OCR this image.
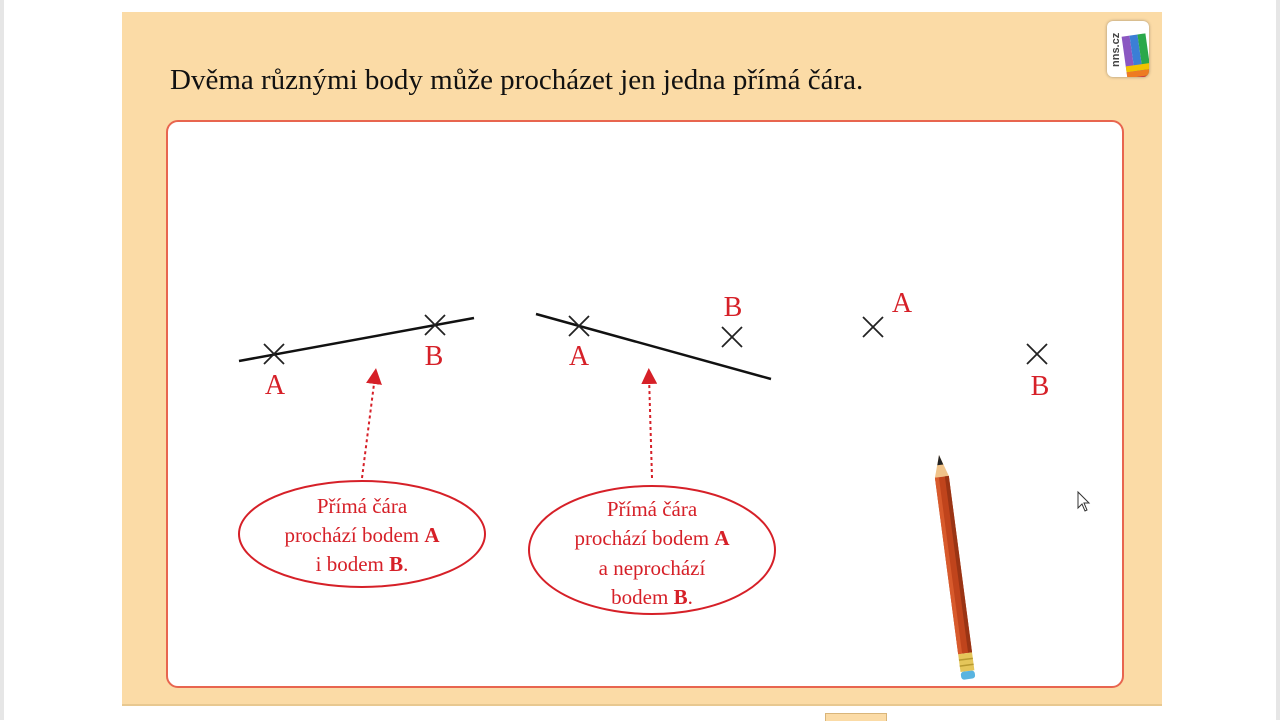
Dvěma různými body může procházet jen jedna přímá čára.
nns.cz
A
B	A
B	A
B
Přímá čára
prochází bodem A
i bodem B.
Přímá čára
prochází bodem A
a neprochází
bodem B.
